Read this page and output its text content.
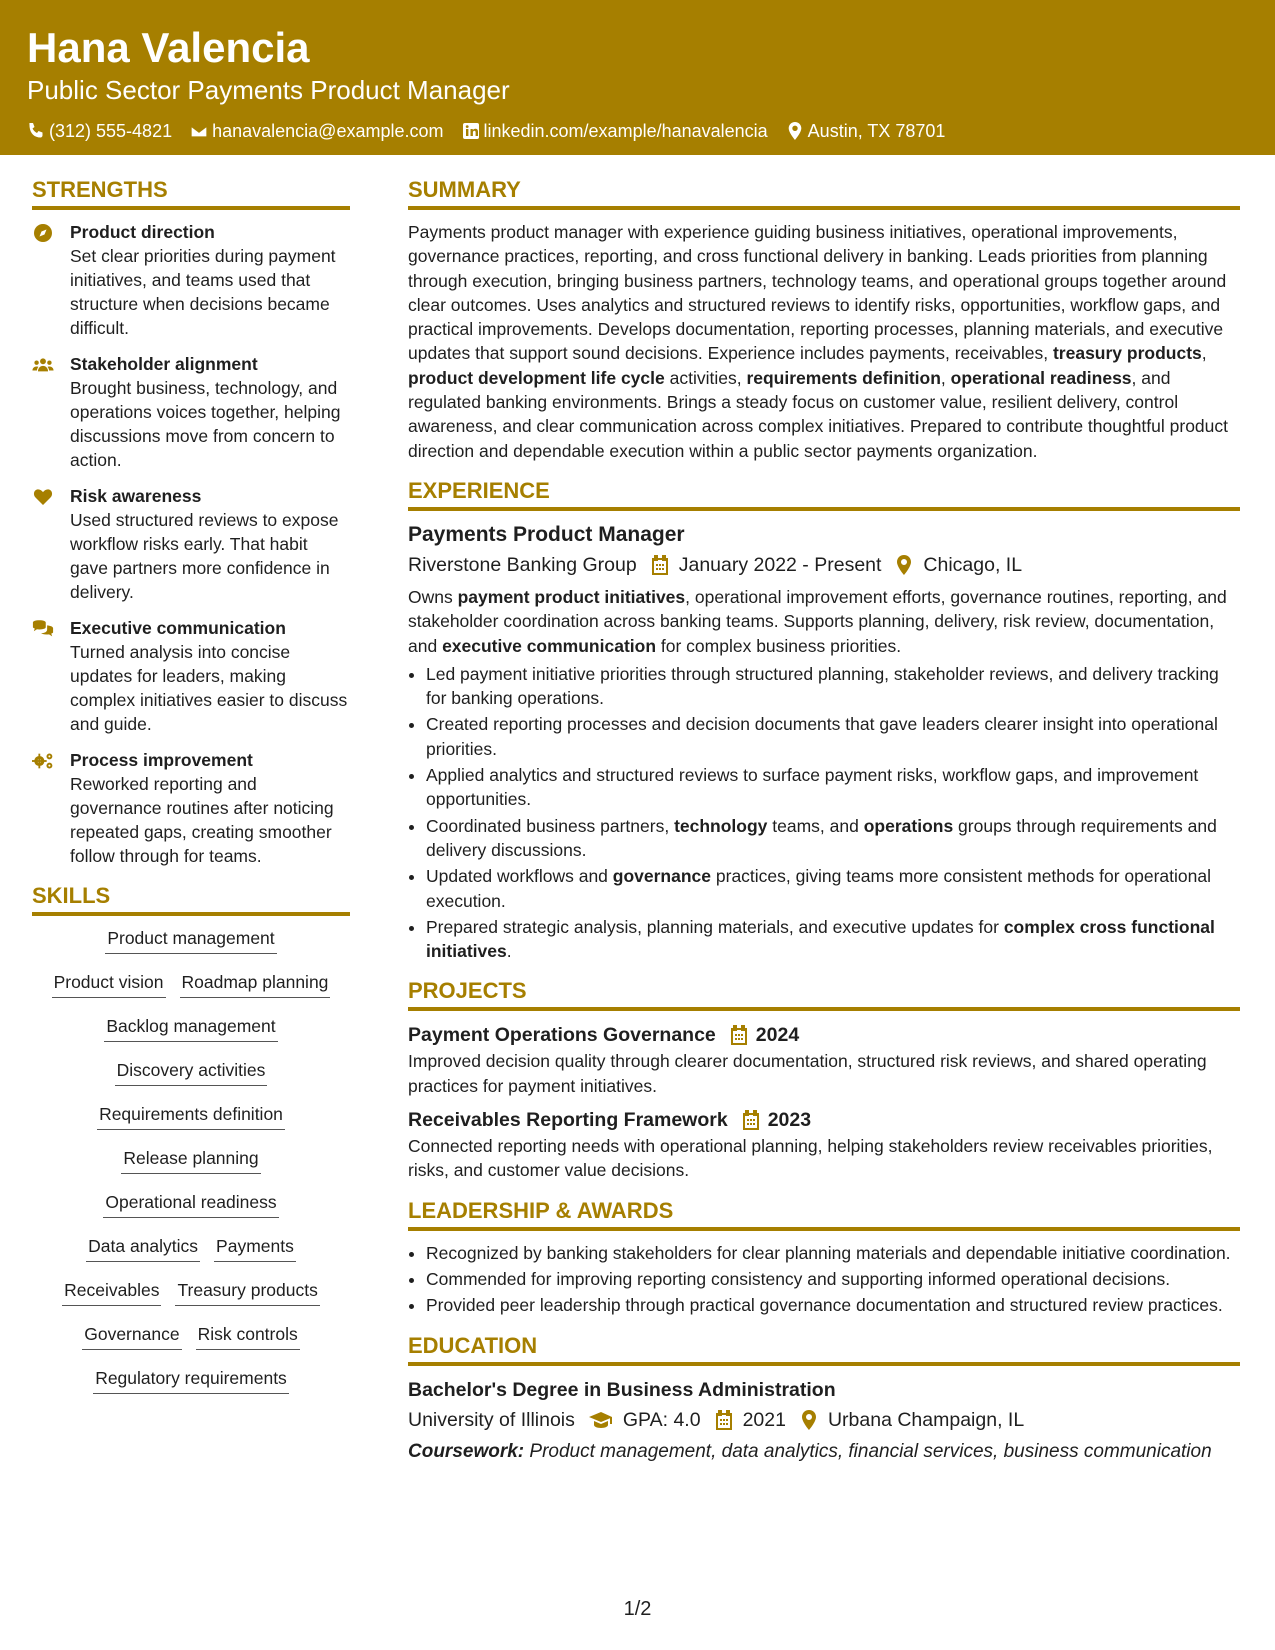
Hana Valencia
Public Sector Payments Product Manager
(312) 555-4821 hanavalencia@example.com linkedin.com/example/hanavalencia Austin, TX 78701
STRENGTHS
Product direction
Set clear priorities during payment initiatives, and teams used that structure when decisions became difficult.
Stakeholder alignment
Brought business, technology, and operations voices together, helping discussions move from concern to action.
Risk awareness
Used structured reviews to expose workflow risks early. That habit gave partners more confidence in delivery.
Executive communication
Turned analysis into concise updates for leaders, making complex initiatives easier to discuss and guide.
Process improvement
Reworked reporting and governance routines after noticing repeated gaps, creating smoother follow through for teams.
SKILLS
Product management
Product vision Roadmap planning
Backlog management
Discovery activities
Requirements definition
Release planning
Operational readiness
Data analytics Payments
Receivables Treasury products
Governance Risk controls
Regulatory requirements
SUMMARY

Payments product manager with experience guiding business initiatives, operational improvements, governance practices, reporting, and cross functional delivery in banking. Leads priorities from planning through execution, bringing business partners, technology teams, and operational groups together around clear outcomes. Uses analytics and structured reviews to identify risks, opportunities, workflow gaps, and practical improvements. Develops documentation, reporting processes, planning materials, and executive updates that support sound decisions. Experience includes payments, receivables, treasury products, product development life cycle activities, requirements definition, operational readiness, and regulated banking environments. Brings a steady focus on customer value, resilient delivery, control awareness, and clear communication across complex initiatives. Prepared to contribute thoughtful product direction and dependable execution within a public sector payments organization.

EXPERIENCE
Payments Product Manager
Riverstone Banking Group January 2022 - Present Chicago, IL

Owns payment product initiatives, operational improvement efforts, governance routines, reporting, and stakeholder coordination across banking teams. Supports planning, delivery, risk review, documentation, and executive communication for complex business priorities.

• Led payment initiative priorities through structured planning, stakeholder reviews, and delivery tracking for banking operations.
• Created reporting processes and decision documents that gave leaders clearer insight into operational priorities.
• Applied analytics and structured reviews to surface payment risks, workflow gaps, and improvement opportunities.
• Coordinated business partners, technology teams, and operations groups through requirements and delivery discussions.
• Updated workflows and governance practices, giving teams more consistent methods for operational execution.
• Prepared strategic analysis, planning materials, and executive updates for complex cross functional initiatives.
PROJECTS
Payment Operations Governance 2024

Improved decision quality through clearer documentation, structured risk reviews, and shared operating practices for payment initiatives.

Receivables Reporting Framework 2023

Connected reporting needs with operational planning, helping stakeholders review receivables priorities, risks, and customer value decisions.

LEADERSHIP & AWARDS
• Recognized by banking stakeholders for clear planning materials and dependable initiative coordination.
• Commended for improving reporting consistency and supporting informed operational decisions.
• Provided peer leadership through practical governance documentation and structured review practices.
EDUCATION
Bachelor's Degree in Business Administration
University of Illinois GPA: 4.0 2021 Urbana Champaign, IL

Coursework: Product management, data analytics, financial services, business communication

1/2
